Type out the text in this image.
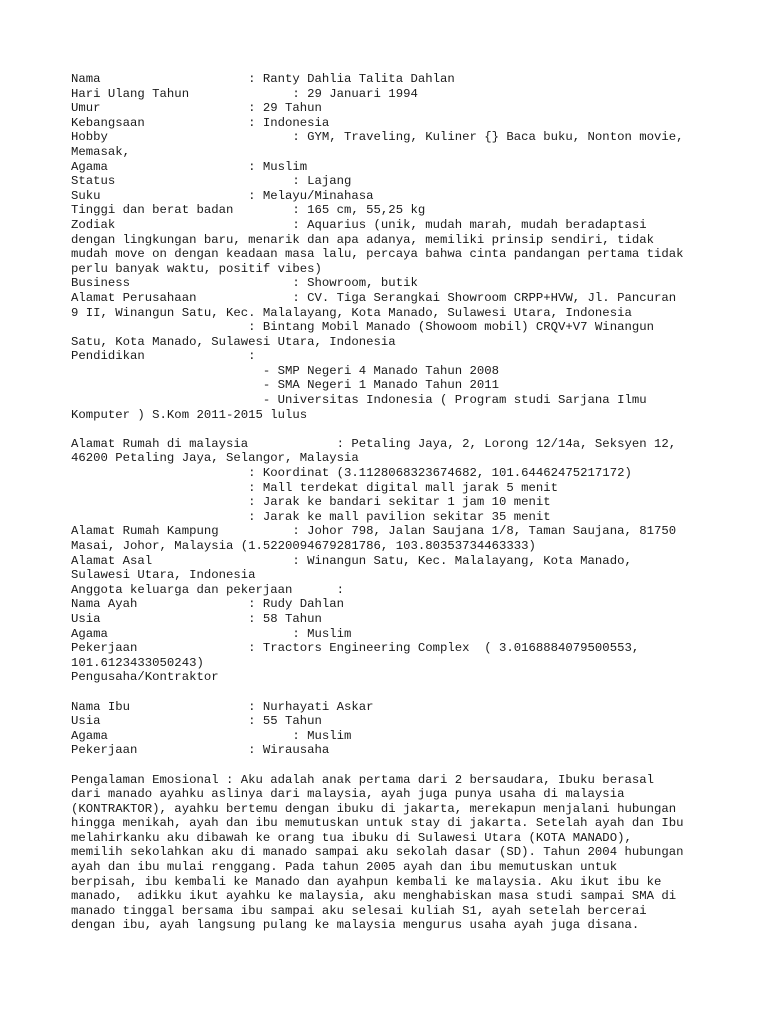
Nama                    : Ranty Dahlia Talita Dahlan
Hari Ulang Tahun              : 29 Januari 1994
Umur                    : 29 Tahun
Kebangsaan              : Indonesia
Hobby                         : GYM, Traveling, Kuliner {} Baca buku, Nonton movie,
Memasak,
Agama                   : Muslim
Status                        : Lajang
Suku                    : Melayu/Minahasa
Tinggi dan berat badan        : 165 cm, 55,25 kg
Zodiak                        : Aquarius (unik, mudah marah, mudah beradaptasi
dengan lingkungan baru, menarik dan apa adanya, memiliki prinsip sendiri, tidak
mudah move on dengan keadaan masa lalu, percaya bahwa cinta pandangan pertama tidak
perlu banyak waktu, positif vibes)
Business                      : Showroom, butik
Alamat Perusahaan             : CV. Tiga Serangkai Showroom CRPP+HVW, Jl. Pancuran
9 II, Winangun Satu, Kec. Malalayang, Kota Manado, Sulawesi Utara, Indonesia
: Bintang Mobil Manado (Showoom mobil) CRQV+V7 Winangun
Satu, Kota Manado, Sulawesi Utara, Indonesia
Pendidikan              :
- SMP Negeri 4 Manado Tahun 2008
- SMA Negeri 1 Manado Tahun 2011
- Universitas Indonesia ( Program studi Sarjana Ilmu
Komputer ) S.Kom 2011-2015 lulus
Alamat Rumah di malaysia            : Petaling Jaya, 2, Lorong 12/14a, Seksyen 12,
46200 Petaling Jaya, Selangor, Malaysia
: Koordinat (3.1128068323674682, 101.64462475217172)
: Mall terdekat digital mall jarak 5 menit
: Jarak ke bandari sekitar 1 jam 10 menit
: Jarak ke mall pavilion sekitar 35 menit
Alamat Rumah Kampung          : Johor 798, Jalan Saujana 1/8, Taman Saujana, 81750
Masai, Johor, Malaysia (1.5220094679281786, 103.80353734463333)
Alamat Asal                   : Winangun Satu, Kec. Malalayang, Kota Manado,
Sulawesi Utara, Indonesia
Anggota keluarga dan pekerjaan      :
Nama Ayah               : Rudy Dahlan
Usia                    : 58 Tahun
Agama                         : Muslim
Pekerjaan               : Tractors Engineering Complex  ( 3.0168884079500553,
101.6123433050243)
Pengusaha/Kontraktor
Nama Ibu                : Nurhayati Askar
Usia                    : 55 Tahun
Agama                         : Muslim
Pekerjaan               : Wirausaha
Pengalaman Emosional : Aku adalah anak pertama dari 2 bersaudara, Ibuku berasal
dari manado ayahku aslinya dari malaysia, ayah juga punya usaha di malaysia
(KONTRAKTOR), ayahku bertemu dengan ibuku di jakarta, merekapun menjalani hubungan
hingga menikah, ayah dan ibu memutuskan untuk stay di jakarta. Setelah ayah dan Ibu
melahirkanku aku dibawah ke orang tua ibuku di Sulawesi Utara (KOTA MANADO),
memilih sekolahkan aku di manado sampai aku sekolah dasar (SD). Tahun 2004 hubungan
ayah dan ibu mulai renggang. Pada tahun 2005 ayah dan ibu memutuskan untuk
berpisah, ibu kembali ke Manado dan ayahpun kembali ke malaysia. Aku ikut ibu ke
manado,  adikku ikut ayahku ke malaysia, aku menghabiskan masa studi sampai SMA di
manado tinggal bersama ibu sampai aku selesai kuliah S1, ayah setelah bercerai
dengan ibu, ayah langsung pulang ke malaysia mengurus usaha ayah juga disana.
